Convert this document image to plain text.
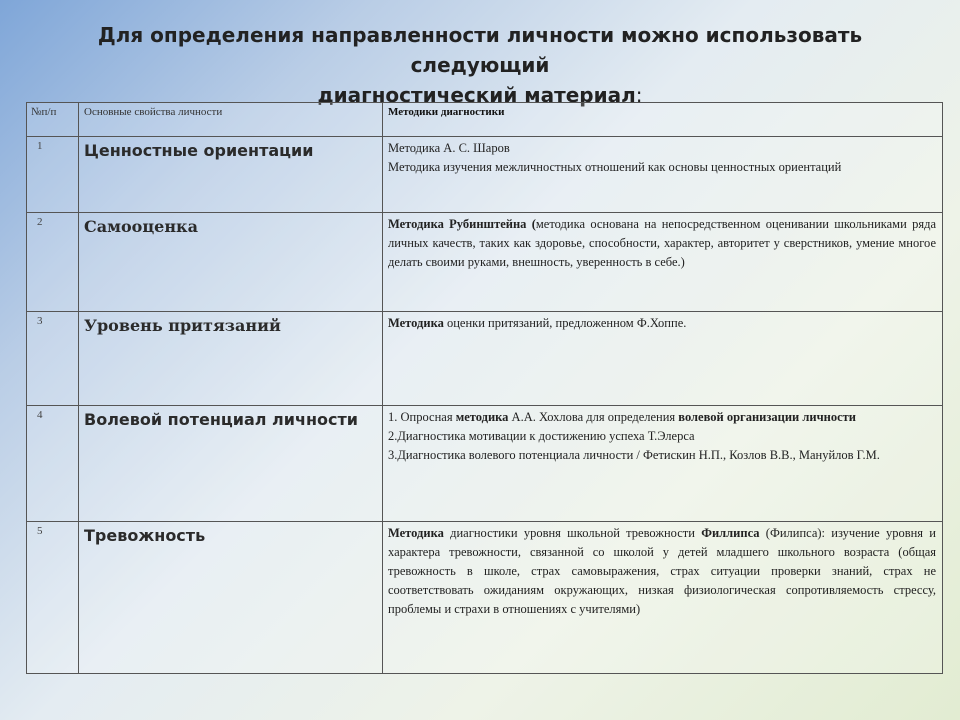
Для определения направленности личности можно использовать следующий
диагностический материал:
№п/п	Основные свойства личности	Методики диагностики

1	Ценностные ориентации	Методика А. С. Шаров

Методика изучения межличностных отношений как основы ценностных ориентаций

2	Самооценка	Методика Рубинштейна (методика основана на непосредственном оценивании школьниками ряда личных качеств, таких как здоровье, способности, характер, авторитет у сверстников, умение многое делать своими руками, внешность, уверенность в себе.)

3	Уровень притязаний	Методика оценки притязаний, предложенном Ф.Хоппе.

4	Волевой потенциал личности	1. Опросная методика А.А. Хохлова для определения волевой организации личности

2.Диагностика мотивации к достижению успеха Т.Элерса

3.Диагностика волевого потенциала личности / Фетискин Н.П., Козлов В.В., Мануйлов Г.М.

5	Тревожность	Методика диагностики уровня школьной тревожности Филлипса (Филипса): изучение уровня и характера тревожности, связанной со школой у детей младшего школьного возраста (общая тревожность в школе, страх самовыражения, страх ситуации проверки знаний, страх не соответствовать ожиданиям окружающих, низкая физиологическая сопротивляемость стрессу, проблемы и страхи в отношениях с учителями)
